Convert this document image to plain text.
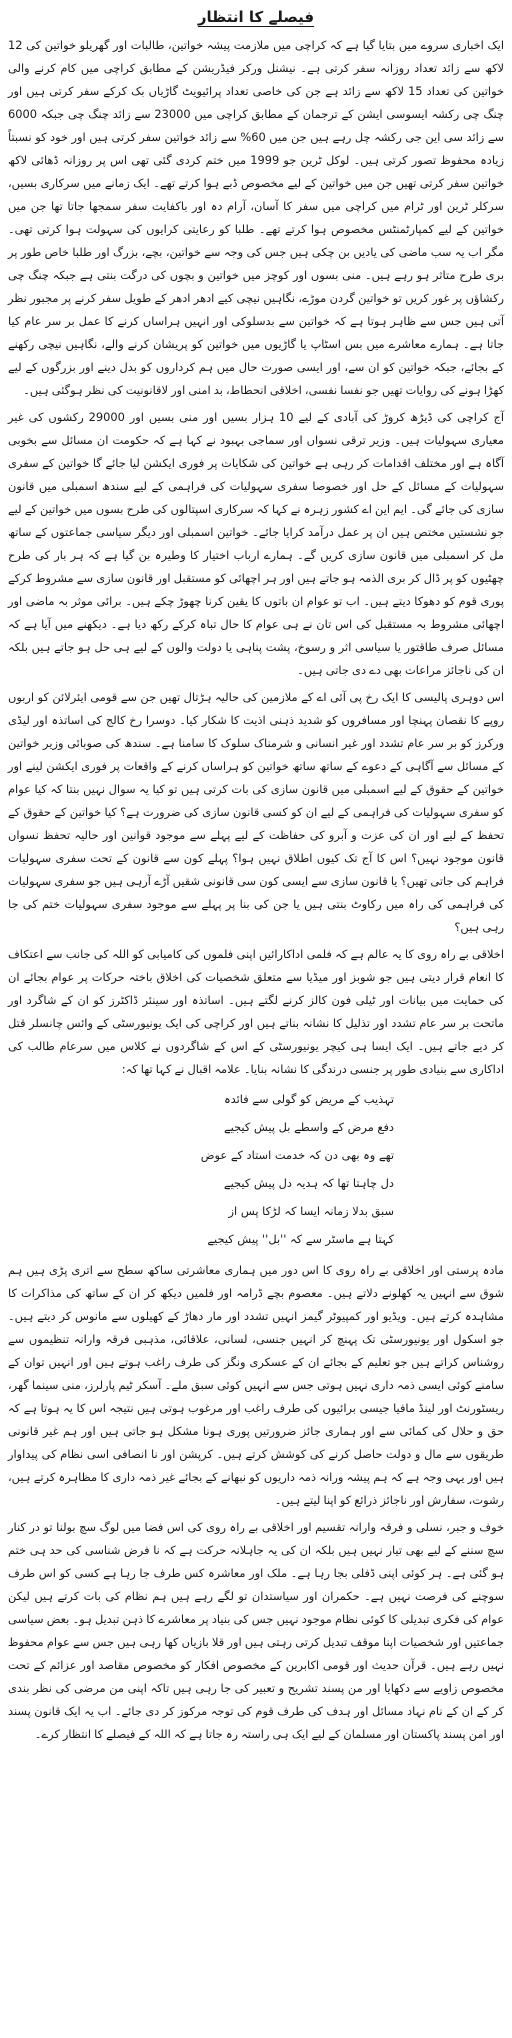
فیصلے کا انتظار

ایک اخباری سروے میں بتایا گیا ہے کہ کراچی میں ملازمت پیشہ خواتین، طالبات اور گھریلو خواتین کی 12 لاکھ سے زائد تعداد روزانہ سفر کرتی ہے۔ نیشنل ورکر فیڈریشن کے مطابق کراچی میں کام کرنے والی خواتین کی تعداد 15 لاکھ سے زائد ہے جن کی خاصی تعداد پرائیویٹ گاڑیاں بک کرکے سفر کرتی ہیں اور چنگ چی رکشہ ایسوسی ایشن کے ترجمان کے مطابق کراچی میں 23000 سے زائد چنگ چی جبکہ 6000 سے زائد سی این جی رکشہ چل رہے ہیں جن میں 60% سے زائد خواتین سفر کرتی ہیں اور خود کو نسبتاً زیادہ محفوظ تصور کرتی ہیں۔ لوکل ٹرین جو 1999 میں ختم کردی گئی تھی اس پر روزانہ ڈھائی لاکھ خواتین سفر کرتی تھیں جن میں خواتین کے لیے مخصوص ڈبے ہوا کرتے تھے۔ ایک زمانے میں سرکاری بسیں، سرکلر ٹرین اور ٹرام میں کراچی میں سفر کا آسان، آرام دہ اور باکفایت سفر سمجھا جاتا تھا جن میں خواتین کے لیے کمپارٹمنٹس مخصوص ہوا کرتے تھے۔ طلبا کو رعایتی کرایوں کی سہولت ہوا کرتی تھی۔ مگر اب یہ سب ماضی کی یادیں بن چکی ہیں جس کی وجہ سے خواتین، بچے، بزرگ اور طلبا خاص طور پر بری طرح متاثر ہو رہے ہیں۔ منی بسوں اور کوچز میں خواتین و بچوں کی درگت بنتی ہے جبکہ چنگ چی رکشاؤں پر غور کریں تو خواتین گردن موڑے، نگاہیں نیچی کیے ادھر ادھر کے طویل سفر کرنے پر مجبور نظر آتی ہیں جس سے ظاہر ہوتا ہے کہ خواتین سے بدسلوکی اور انہیں ہراساں کرنے کا عمل بر سر عام کیا جاتا ہے۔ ہمارے معاشرے میں بس اسٹاپ یا گاڑیوں میں خواتین کو پریشان کرنے والے، نگاہیں نیچی رکھنے کے بجائے، جبکہ خواتین کو ان سے، اور ایسی صورت حال میں ہم کرداروں کو بدل دینے اور بزرگوں کے لیے کھڑا ہونے کی روایات تھیں جو نفسا نفسی، اخلاقی انحطاط، بد امنی اور لاقانونیت کی نظر ہوگئی ہیں۔

آج کراچی کی ڈیڑھ کروڑ کی آبادی کے لیے 10 ہزار بسیں اور منی بسیں اور 29000 رکشوں کی غیر معیاری سہولیات ہیں۔ وزیر ترقی نسواں اور سماجی بہبود نے کہا ہے کہ حکومت ان مسائل سے بخوبی آگاہ ہے اور مختلف اقدامات کر رہی ہے خواتین کی شکایات پر فوری ایکشن لیا جائے گا خواتین کے سفری سہولیات کے مسائل کے حل اور خصوصا سفری سہولیات کی فراہمی کے لیے سندھ اسمبلی میں قانون سازی کی جائے گی۔ ایم این اے کشور زہرہ نے کہا کہ سرکاری اسپتالوں کی طرح بسوں میں خواتین کے لیے جو نشستیں مختص ہیں ان پر عمل درآمد کرایا جائے۔ خواتین اسمبلی اور دیگر سیاسی جماعتوں کے ساتھ مل کر اسمبلی میں قانون سازی کریں گے۔ ہمارے ارباب اختیار کا وطیرہ بن گیا ہے کہ ہر بار کی طرح چھٹیوں کو پر ڈال کر بری الذمہ ہو جاتے ہیں اور ہر اچھائی کو مستقبل اور قانون سازی سے مشروط کرکے پوری قوم کو دھوکا دیتے ہیں۔ اب تو عوام ان باتوں کا یقین کرنا چھوڑ چکے ہیں۔ برائی موثر بہ ماضی اور اچھائی مشروط بہ مستقبل کی اس تان نے ہی عوام کا حال تباہ کرکے رکھ دیا ہے۔ دیکھنے میں آیا ہے کہ مسائل صرف طاقتور یا سیاسی اثر و رسوخ، پشت پناہی یا دولت والوں کے لیے ہی حل ہو جاتے ہیں بلکہ ان کی ناجائز مراعات بھی دے دی جاتی ہیں۔

اس دوہری پالیسی کا ایک رخ پی آئی اے کے ملازمین کی حالیہ ہڑتال تھیں جن سے قومی ایئرلائن کو اربوں روپے کا نقصان پہنچا اور مسافروں کو شدید ذہنی اذیت کا شکار کیا۔ دوسرا رخ کالج کی اساتذہ اور لیڈی ورکرز کو بر سر عام تشدد اور غیر انسانی و شرمناک سلوک کا سامنا ہے۔ سندھ کی صوبائی وزیر خواتین کے مسائل سے آگاہی کے دعوے کے ساتھ ساتھ خواتین کو ہراساں کرنے کے واقعات پر فوری ایکشن لینے اور خواتین کے حقوق کے لیے اسمبلی میں قانون سازی کی بات کرتی ہیں تو کیا یہ سوال نہیں بنتا کہ کیا عوام کو سفری سہولیات کی فراہمی کے لیے ان کو کسی قانون سازی کی ضرورت ہے؟ کیا خواتین کے حقوق کے تحفظ کے لیے اور ان کی عزت و آبرو کی حفاظت کے لیے پہلے سے موجود قوانین اور حالیہ تحفظ نسواں قانون موجود نہیں؟ اس کا آج تک کیوں اطلاق نہیں ہوا؟ پہلے کون سے قانون کے تحت سفری سہولیات فراہم کی جاتی تھیں؟ یا قانون سازی سے ایسی کون سی قانونی شقیں آڑے آرہی ہیں جو سفری سہولیات کی فراہمی کی راہ میں رکاوٹ بنتی ہیں یا جن کی بنا پر پہلے سے موجود سفری سہولیات ختم کی جا رہی ہیں؟

اخلاقی بے راہ روی کا یہ عالم ہے کہ فلمی اداکارائیں اپنی فلموں کی کامیابی کو اللہ کی جانب سے اعتکاف کا انعام قرار دیتی ہیں جو شوبز اور میڈیا سے متعلق شخصیات کی اخلاق باختہ حرکات پر عوام بجائے ان کی حمایت میں بیانات اور ٹیلی فون کالز کرنے لگتے ہیں۔ اساتذہ اور سینئر ڈاکٹرز کو ان کے شاگرد اور ماتحت بر سر عام تشدد اور تذلیل کا نشانہ بناتے ہیں اور کراچی کی ایک یونیورسٹی کے وائس چانسلر قتل کر دیے جاتے ہیں۔ ایک ایسا ہی کیچر یونیورسٹی کے اس کے شاگردوں نے کلاس میں سرعام طالب کی اداکاری سے بنیادی طور پر جنسی درندگی کا نشانہ بنایا۔ علامہ اقبال نے کہا تھا کہ:

تہذیب کے مریض کو گولی سے فائدہ

دفع مرض کے واسطے بل پیش کیجیے

تھے وہ بھی دن کہ خدمت استاد کے عوض

دل چاہتا تھا کہ ہدیہ دل پیش کیجیے

سبق بدلا زمانہ ایسا کہ لڑکا پس از

کہتا ہے ماسٹر سے کہ ''بل'' پیش کیجیے

مادہ پرستی اور اخلاقی بے راہ روی کا اس دور میں ہماری معاشرتی ساکھ سطح سے اتری پڑی ہیں ہم شوق سے انہیں یہ کھلونے دلاتے ہیں۔ معصوم بچے ڈرامہ اور فلمیں دیکھ کر ان کے ساتھ کی مذاکرات کا مشاہدہ کرتے ہیں۔ ویڈیو اور کمپیوٹر گیمز انہیں تشدد اور مار دھاڑ کے کھیلوں سے مانوس کر دیتے ہیں۔ جو اسکول اور یونیورسٹی تک پہنچ کر انہیں جنسی، لسانی، علاقائی، مذہبی فرقہ وارانہ تنظیموں سے روشناس کراتے ہیں جو تعلیم کے بجائے ان کے عسکری ونگز کی طرف راغب ہوتے ہیں اور انہیں توان کے سامنے کوئی ایسی ذمہ داری نہیں ہوتی جس سے انہیں کوئی سبق ملے۔ آسکر ٹیم پارلرز، منی سینما گھر، ریسٹورنٹ اور لینڈ مافیا جیسی برائیوں کی طرف راغب اور مرغوب ہوتی ہیں نتیجہ اس کا یہ ہوتا ہے کہ حق و حلال کی کمائی سے اور ہماری جائز ضرورتیں پوری ہونا مشکل ہو جاتی ہیں اور ہم غیر قانونی طریقوں سے مال و دولت حاصل کرنے کی کوشش کرتے ہیں۔ کرپشن اور نا انصافی اسی نظام کی پیداوار ہیں اور یہی وجہ ہے کہ ہم پیشہ ورانہ ذمہ داریوں کو نبھانے کے بجائے غیر ذمہ داری کا مظاہرہ کرتے ہیں، رشوت، سفارش اور ناجائز ذرائع کو اپنا لیتے ہیں۔

خوف و جبر، نسلی و فرقہ وارانہ تقسیم اور اخلاقی بے راہ روی کی اس فضا میں لوگ سچ بولنا تو در کنار سچ سننے کے لیے بھی تیار نہیں ہیں بلکہ ان کی یہ جاہلانہ حرکت ہے کہ نا فرض شناسی کی حد ہی ختم ہو گئی ہے۔ ہر کوئی اپنی ڈفلی بجا رہا ہے۔ ملک اور معاشرہ کس طرف جا رہا ہے کسی کو اس طرف سوچنے کی فرصت نہیں ہے۔ حکمران اور سیاستدان تو لگے رہے ہیں ہم نظام کی بات کرتے ہیں لیکن عوام کی فکری تبدیلی کا کوئی نظام موجود نہیں جس کی بنیاد پر معاشرے کا ذہن تبدیل ہو۔ بعض سیاسی جماعتیں اور شخصیات اپنا موقف تبدیل کرتی رہتی ہیں اور قلا بازیاں کھا رہی ہیں جس سے عوام محفوظ نہیں رہے ہیں۔ قرآن حدیث اور قومی اکابرین کے مخصوص افکار کو مخصوص مقاصد اور عزائم کے تحت مخصوص زاویے سے دکھایا اور من پسند تشریح و تعبیر کی جا رہی ہیں تاکہ اپنی من مرضی کی نظر بندی کر کے ان کے نام نہاد مسائل اور ہدف کی طرف قوم کی توجہ مرکوز کر دی جائے۔ اب یہ ایک قانون پسند اور امن پسند پاکستان اور مسلمان کے لیے ایک ہی راستہ رہ جاتا ہے کہ اللہ کے فیصلے کا انتظار کرے۔
